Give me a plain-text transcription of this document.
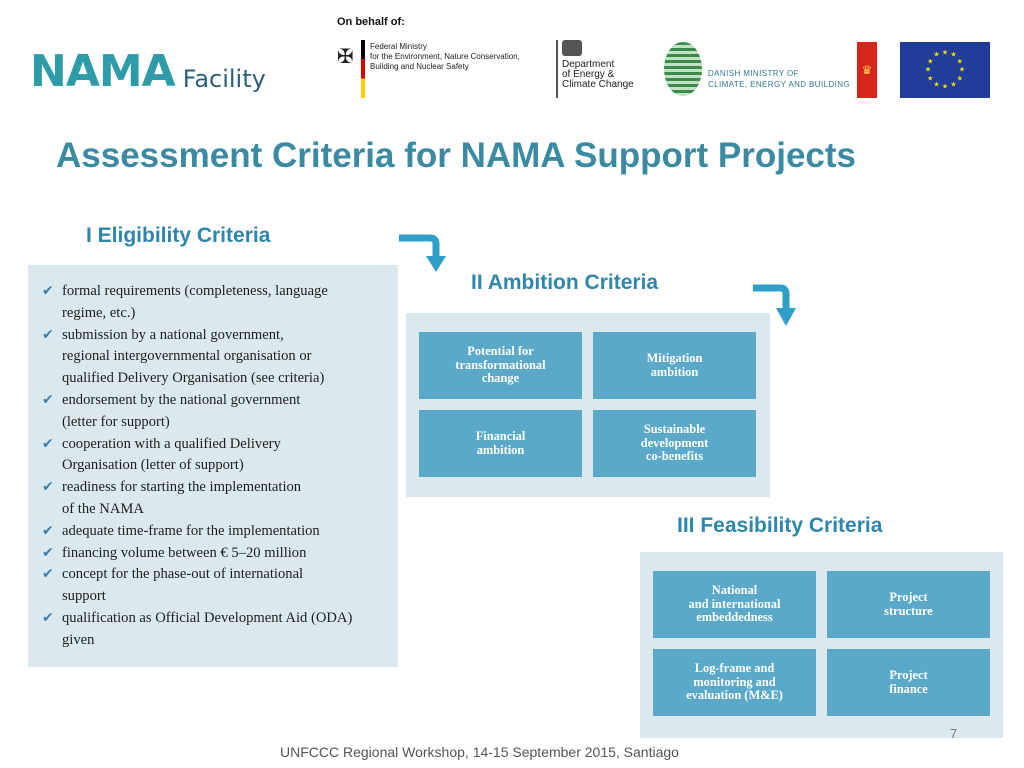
NAMA Facility
On behalf of:
✠ Federal Ministry
for the Environment, Nature Conservation,
Building and Nuclear Safety	Department
of Energy &
Climate Change
DANISH MINISTRY OF
CLIMATE, ENERGY AND BUILDING
♛	★
★
★
★
★
★
★
★
★ ★ ★
★
Assessment Criteria for NAMA Support Projects
I Eligibility Criteria
II Ambition Criteria
III Feasibility Criteria
✔ formal requirements (completeness, language
regime, etc.)
✔ submission by a national government,
regional intergovernmental organisation or
qualified Delivery Organisation (see criteria)
✔ endorsement by the national government
(letter for support)
✔ cooperation with a qualified Delivery
Organisation (letter of support)
✔ readiness for starting the implementation
of the NAMA
✔ adequate time-frame for the implementation
✔ financing volume between € 5–20 million
✔ concept for the phase-out of international
support
✔ qualification as Official Development Aid (ODA)
given
Potential for
transformational
change
Mitigation
ambition
Financial
ambition
Sustainable
development
co-benefits
National
and international
embeddedness
Project
structure
Log-frame and
monitoring and
evaluation (M&E)
Project
finance
7
UNFCCC Regional Workshop, 14-15 September 2015, Santiago
